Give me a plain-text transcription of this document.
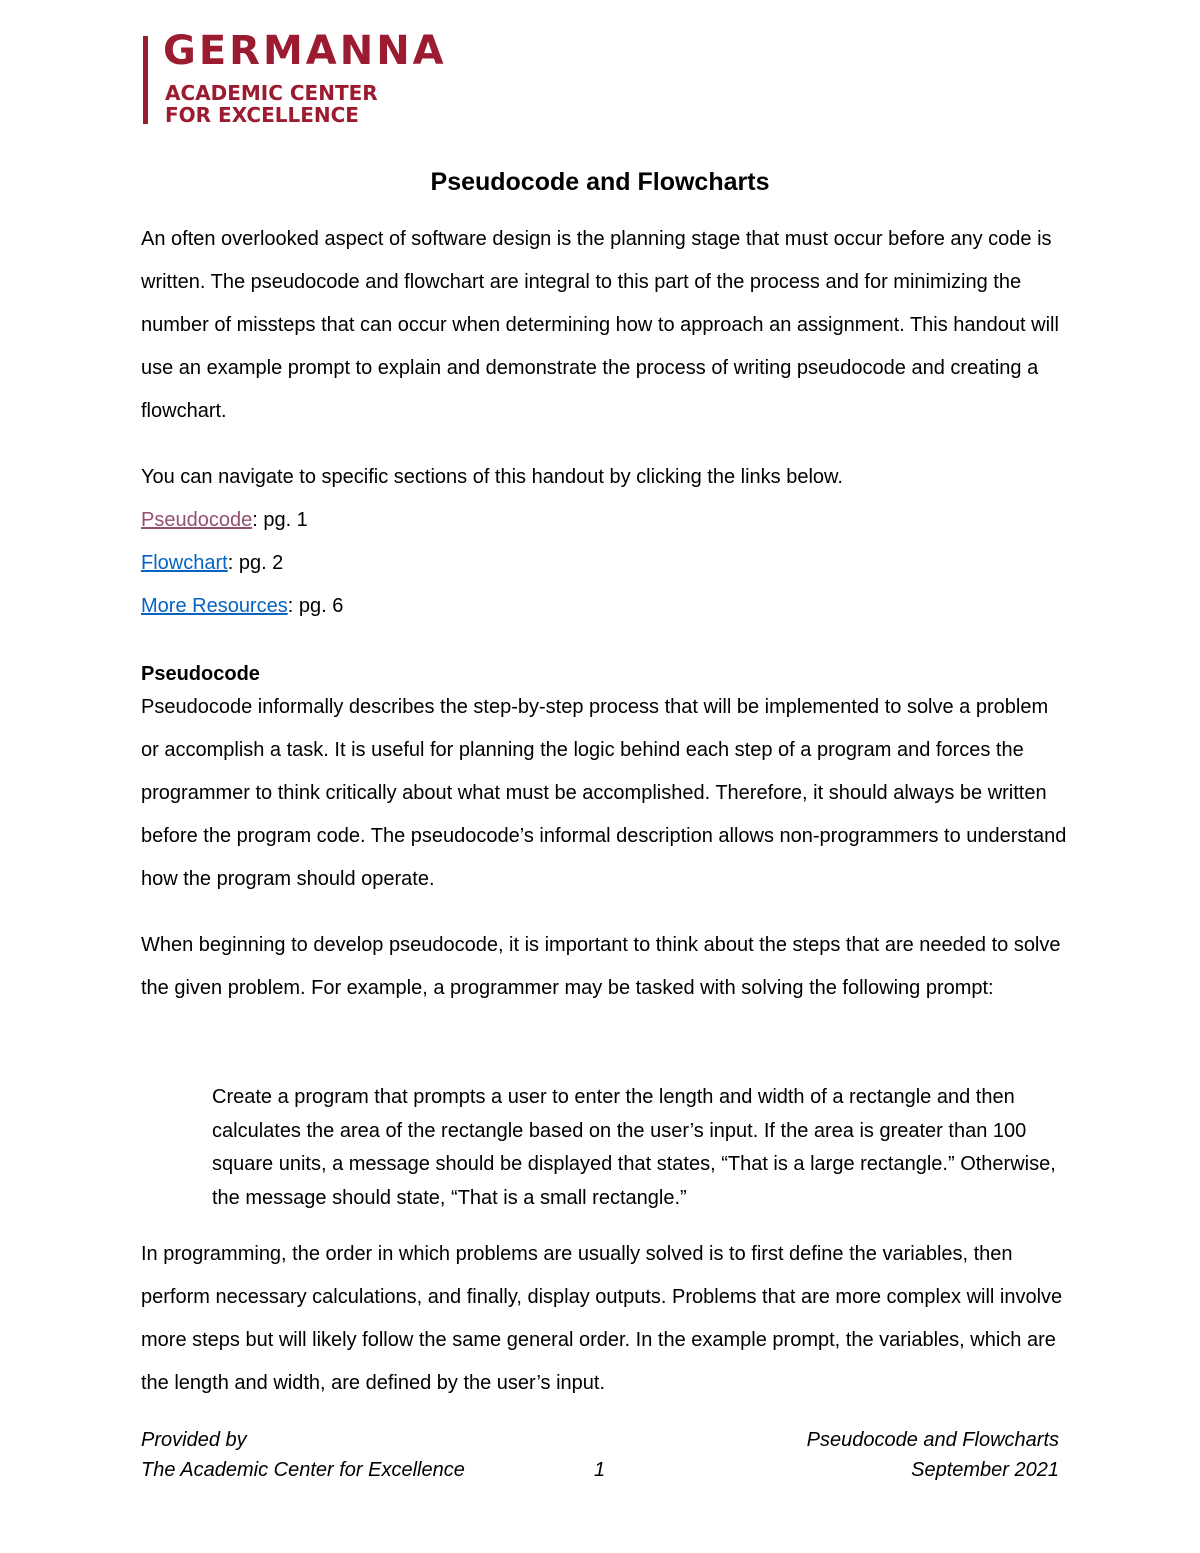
GERMANNA
ACADEMIC CENTER
FOR EXCELLENCE
Pseudocode and Flowcharts

An often overlooked aspect of software design is the planning stage that must occur before any code is written. The pseudocode and flowchart are integral to this part of the process and for minimizing the number of missteps that can occur when determining how to approach an assignment. This handout will use an example prompt to explain and demonstrate the process of writing pseudocode and creating a flowchart.

You can navigate to specific sections of this handout by clicking the links below.

Pseudocode: pg. 1
Flowchart: pg. 2
More Resources: pg. 6
Pseudocode

Pseudocode informally describes the step-by-step process that will be implemented to solve a problem or accomplish a task. It is useful for planning the logic behind each step of a program and forces the programmer to think critically about what must be accomplished. Therefore, it should always be written before the program code. The pseudocode’s informal description allows non-programmers to understand how the program should operate.

When beginning to develop pseudocode, it is important to think about the steps that are needed to solve the given problem. For example, a programmer may be tasked with solving the following prompt:

Create a program that prompts a user to enter the length and width of a rectangle and then calculates the area of the rectangle based on the user’s input. If the area is greater than 100 square units, a message should be displayed that states, “That is a large rectangle.” Otherwise, the message should state, “That is a small rectangle.”

In programming, the order in which problems are usually solved is to first define the variables, then perform necessary calculations, and finally, display outputs. Problems that are more complex will involve more steps but will likely follow the same general order. In the example prompt, the variables, which are the length and width, are defined by the user’s input.

Provided by
The Academic Center for Excellence	1
Pseudocode and Flowcharts
September 2021
